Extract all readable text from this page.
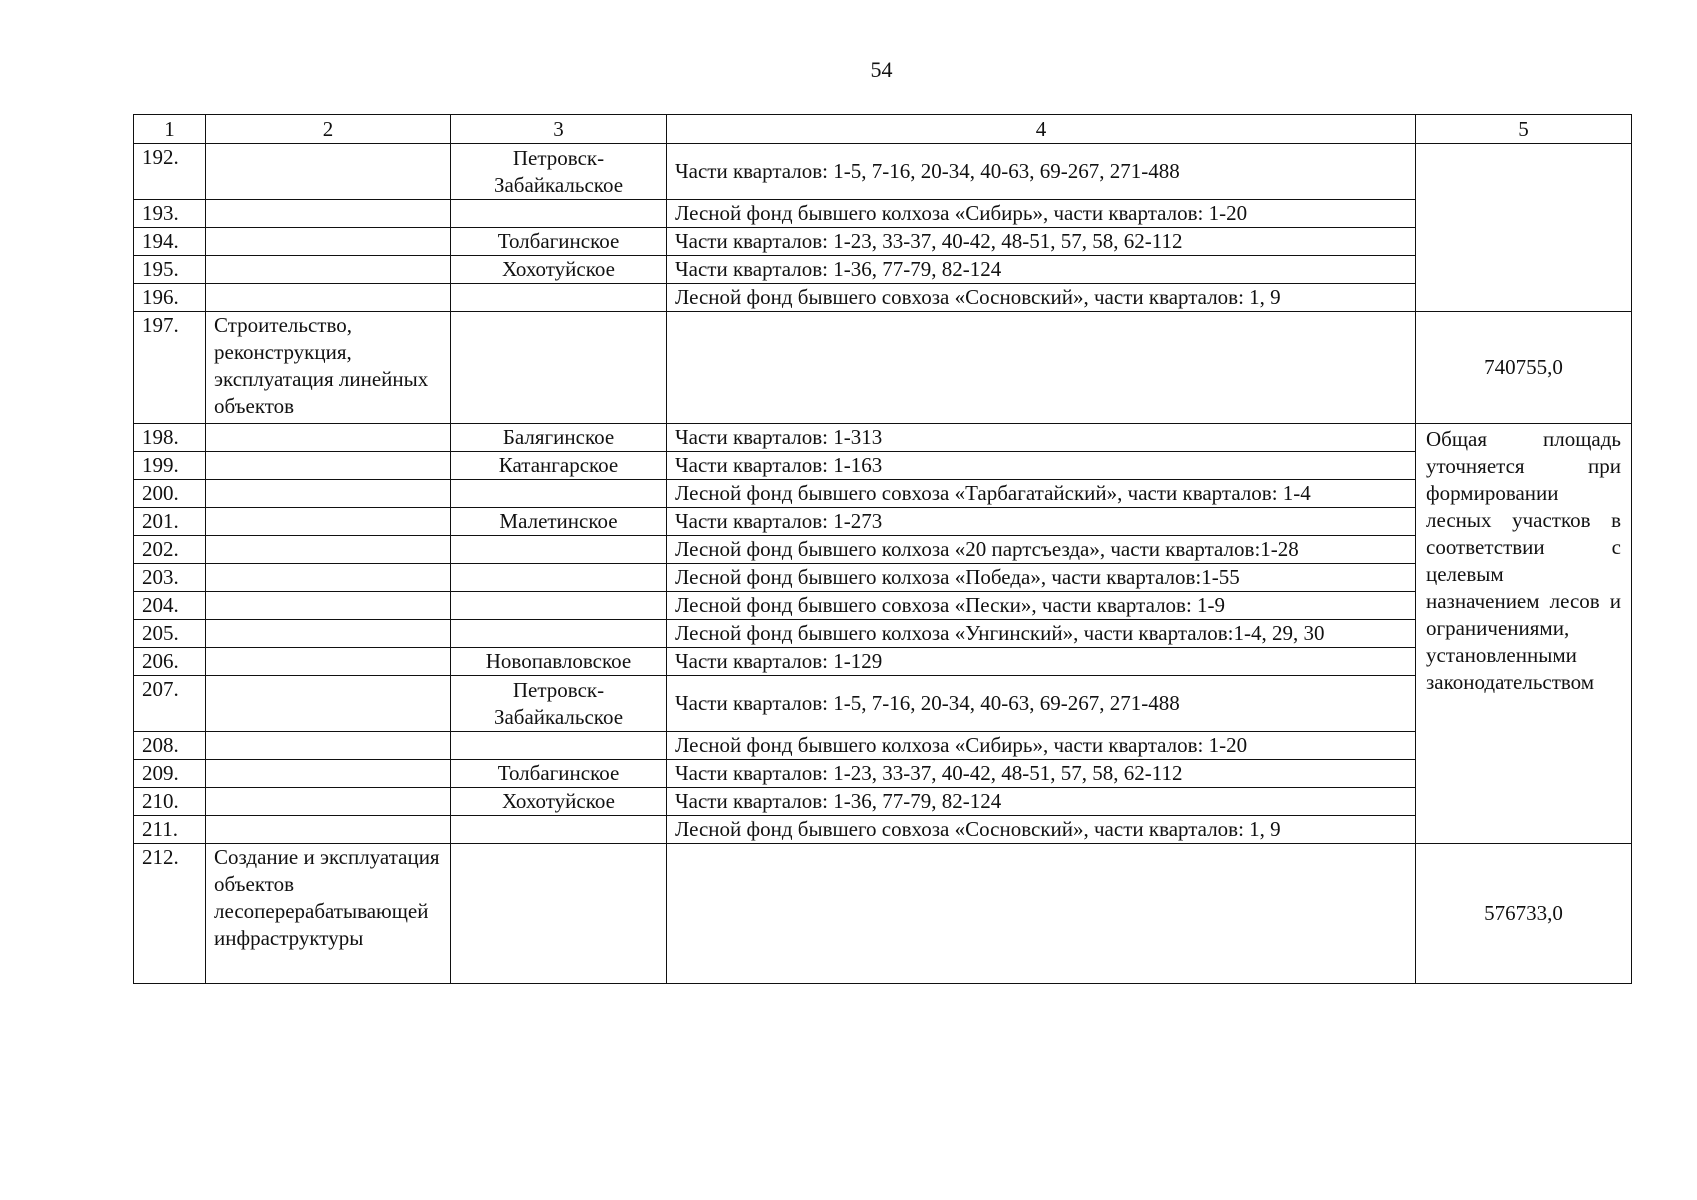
54
1	2	3	4	5
192.		Петровск-Забайкальское	Части кварталов: 1-5, 7-16, 20-34, 40-63, 69-267, 271-488	
193.			Лесной фонд бывшего колхоза «Сибирь», части кварталов: 1-20	
194.		Толбагинское	Части кварталов: 1-23, 33-37, 40-42, 48-51, 57, 58, 62-112	
195.		Хохотуйское	Части кварталов: 1-36, 77-79, 82-124	
196.			Лесной фонд бывшего совхоза «Сосновский», части кварталов: 1, 9	
197.	Строительство, реконструкция, эксплуатация линейных объектов			740755,0
198.		Балягинское	Части кварталов: 1-313	Общая площадь уточняется при формировании лесных участков в соответствии с целевым назначением лесов и ограничениями, установленными законодательством
199.		Катангарское	Части кварталов: 1-163	
200.			Лесной фонд бывшего совхоза «Тарбагатайский», части кварталов: 1-4	
201.		Малетинское	Части кварталов: 1-273	
202.			Лесной фонд бывшего колхоза «20 партсъезда», части кварталов:1-28	
203.			Лесной фонд бывшего колхоза «Победа», части кварталов:1-55	
204.			Лесной фонд бывшего совхоза «Пески», части кварталов: 1-9	
205.			Лесной фонд бывшего колхоза «Унгинский», части кварталов:1-4, 29, 30	
206.		Новопавловское	Части кварталов: 1-129	
207.		Петровск-Забайкальское	Части кварталов: 1-5, 7-16, 20-34, 40-63, 69-267, 271-488	
208.			Лесной фонд бывшего колхоза «Сибирь», части кварталов: 1-20	
209.		Толбагинское	Части кварталов: 1-23, 33-37, 40-42, 48-51, 57, 58, 62-112	
210.		Хохотуйское	Части кварталов: 1-36, 77-79, 82-124	
211.			Лесной фонд бывшего совхоза «Сосновский», части кварталов: 1, 9	
212.	Создание и эксплуатация объектов лесоперерабатывающей инфраструктуры			576733,0
